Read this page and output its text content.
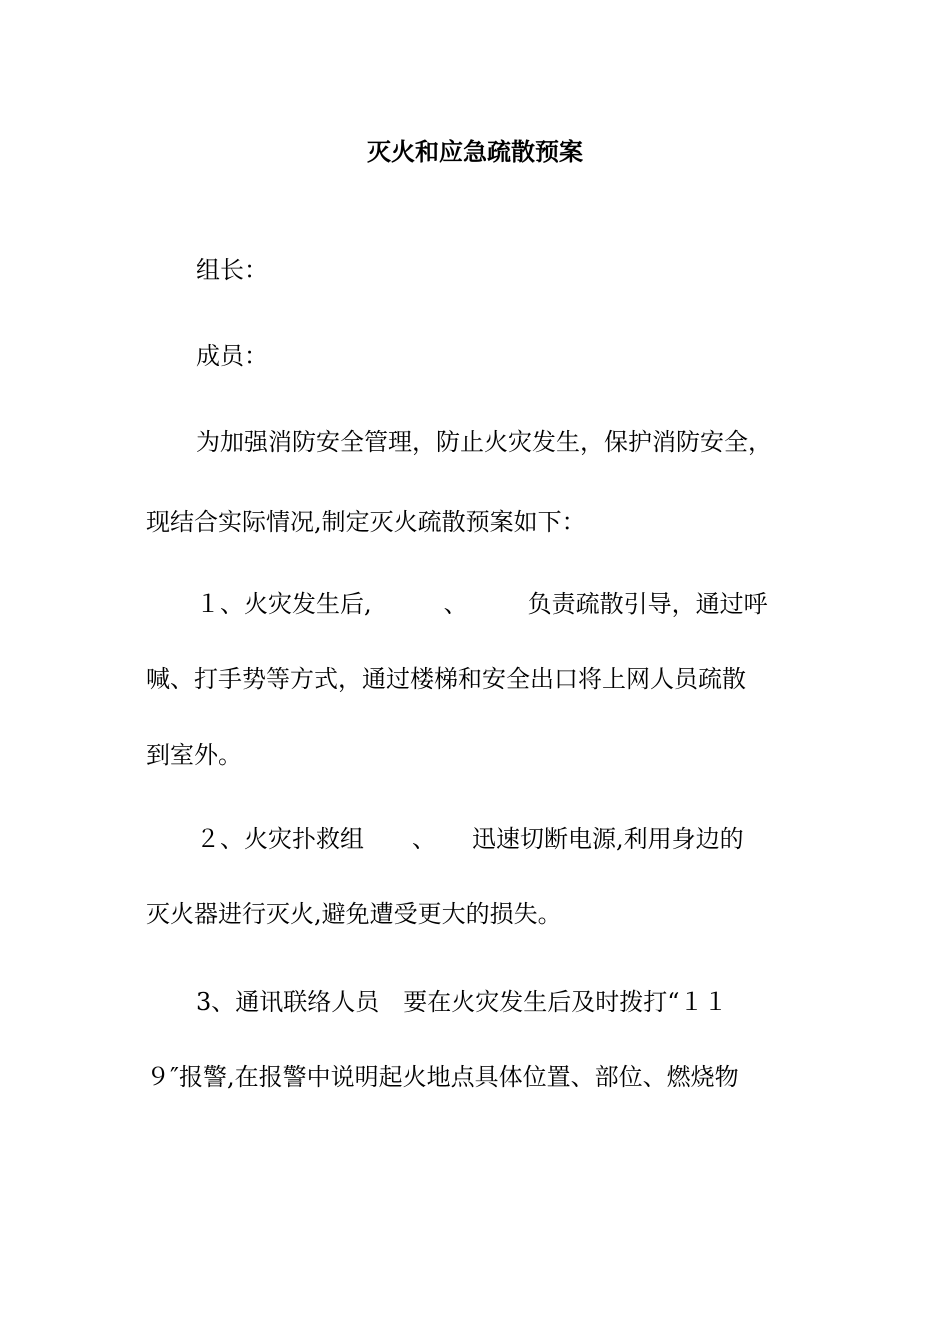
灭火和应急疏散预案
组长：
成员：
为加强消防安全管理，防止火灾发生，保护消防安全，
现结合实际情况,制定灭火疏散预案如下：
１、火灾发生后,　　　、　　　负责疏散引导，通过呼
喊、打手势等方式，通过楼梯和安全出口将上网人员疏散
到室外。
２、火灾扑救组　　、　　迅速切断电源,利用身边的
灭火器进行灭火,避免遭受更大的损失。
3、通讯联络人员　要在火灾发生后及时拨打“１１
９″报警,在报警中说明起火地点具体位置、部位、燃烧物
